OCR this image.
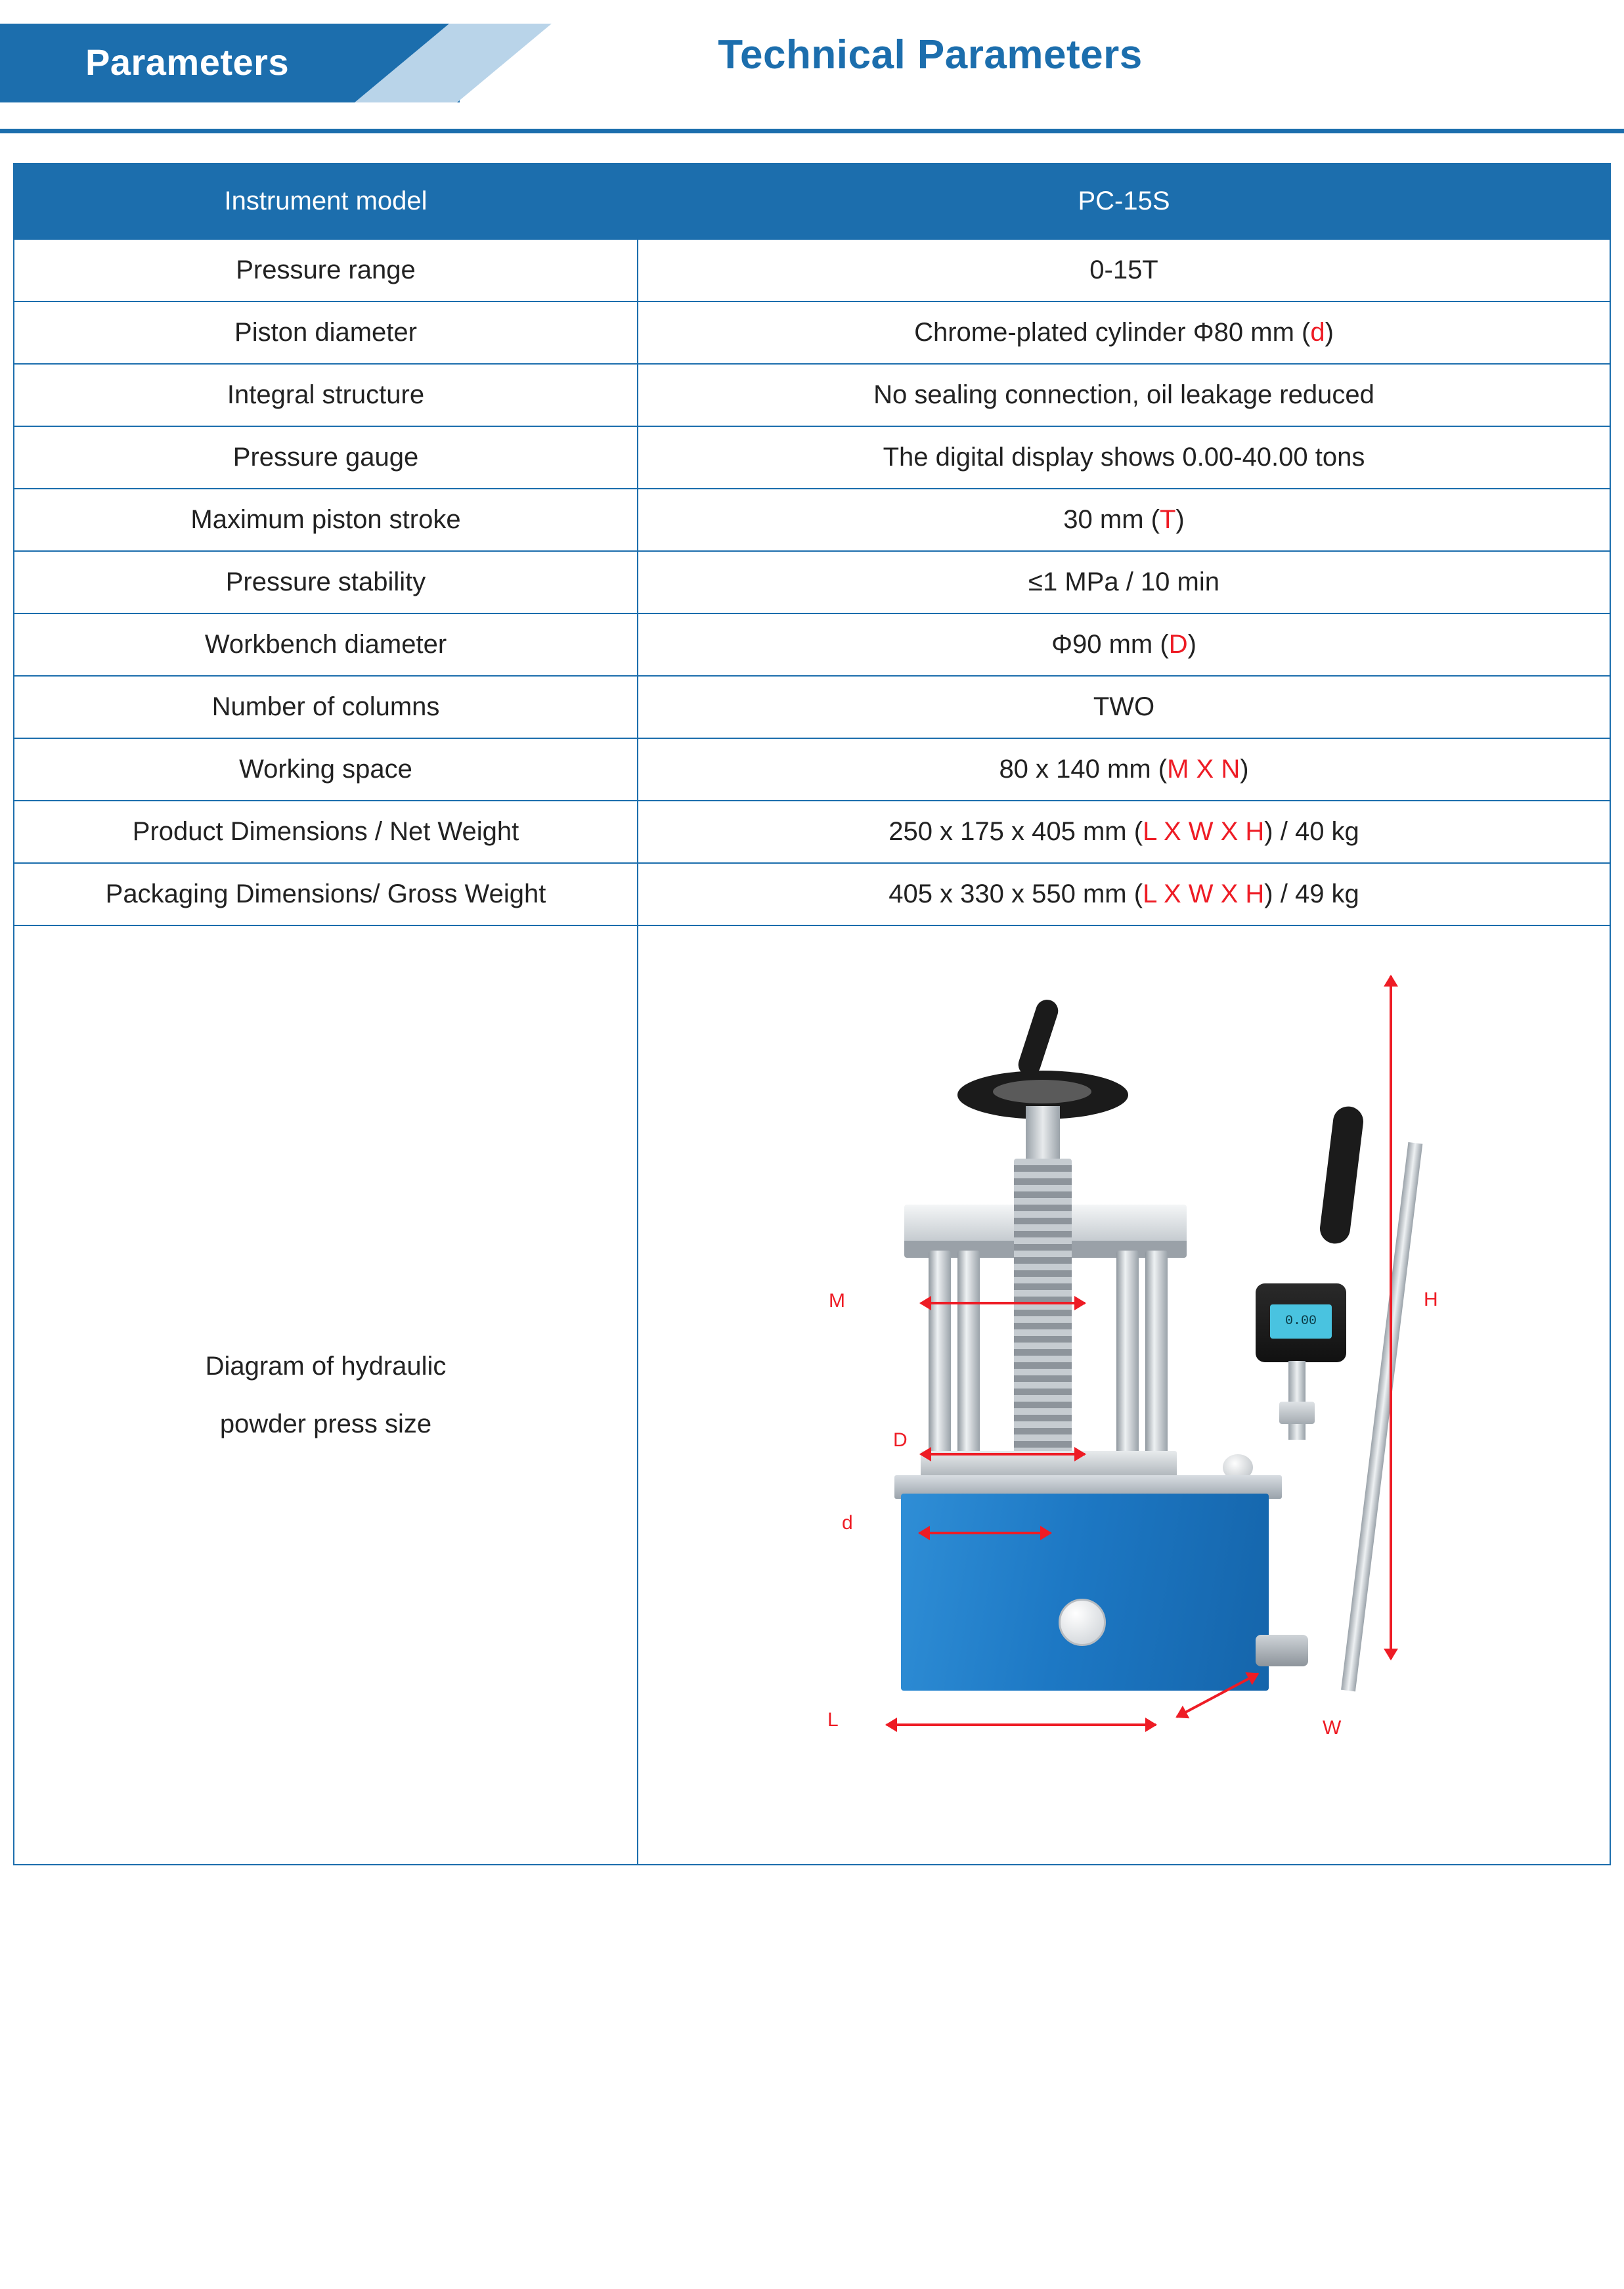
Parameters	Technical Parameters
Instrument model	PC-15S
Pressure range	0-15T
Piston diameter	Chrome-plated cylinder Φ80 mm (d)
Integral structure	No sealing connection, oil leakage reduced
Pressure gauge	The digital display shows 0.00-40.00 tons
Maximum piston stroke	30 mm (T)
Pressure stability	≤1 MPa / 10 min
Workbench diameter	Φ90 mm (D)
Number of columns	TWO
Working space	80 x 140 mm (M X N)
Product Dimensions / Net Weight	250 x 175 x 405 mm (L X W X H) / 40 kg
Packaging Dimensions/ Gross Weight	405 x 330 x 550 mm (L X W X H) / 49 kg

Diagram of hydraulic
powder press size

0.00
M
D
d
H
L	W
